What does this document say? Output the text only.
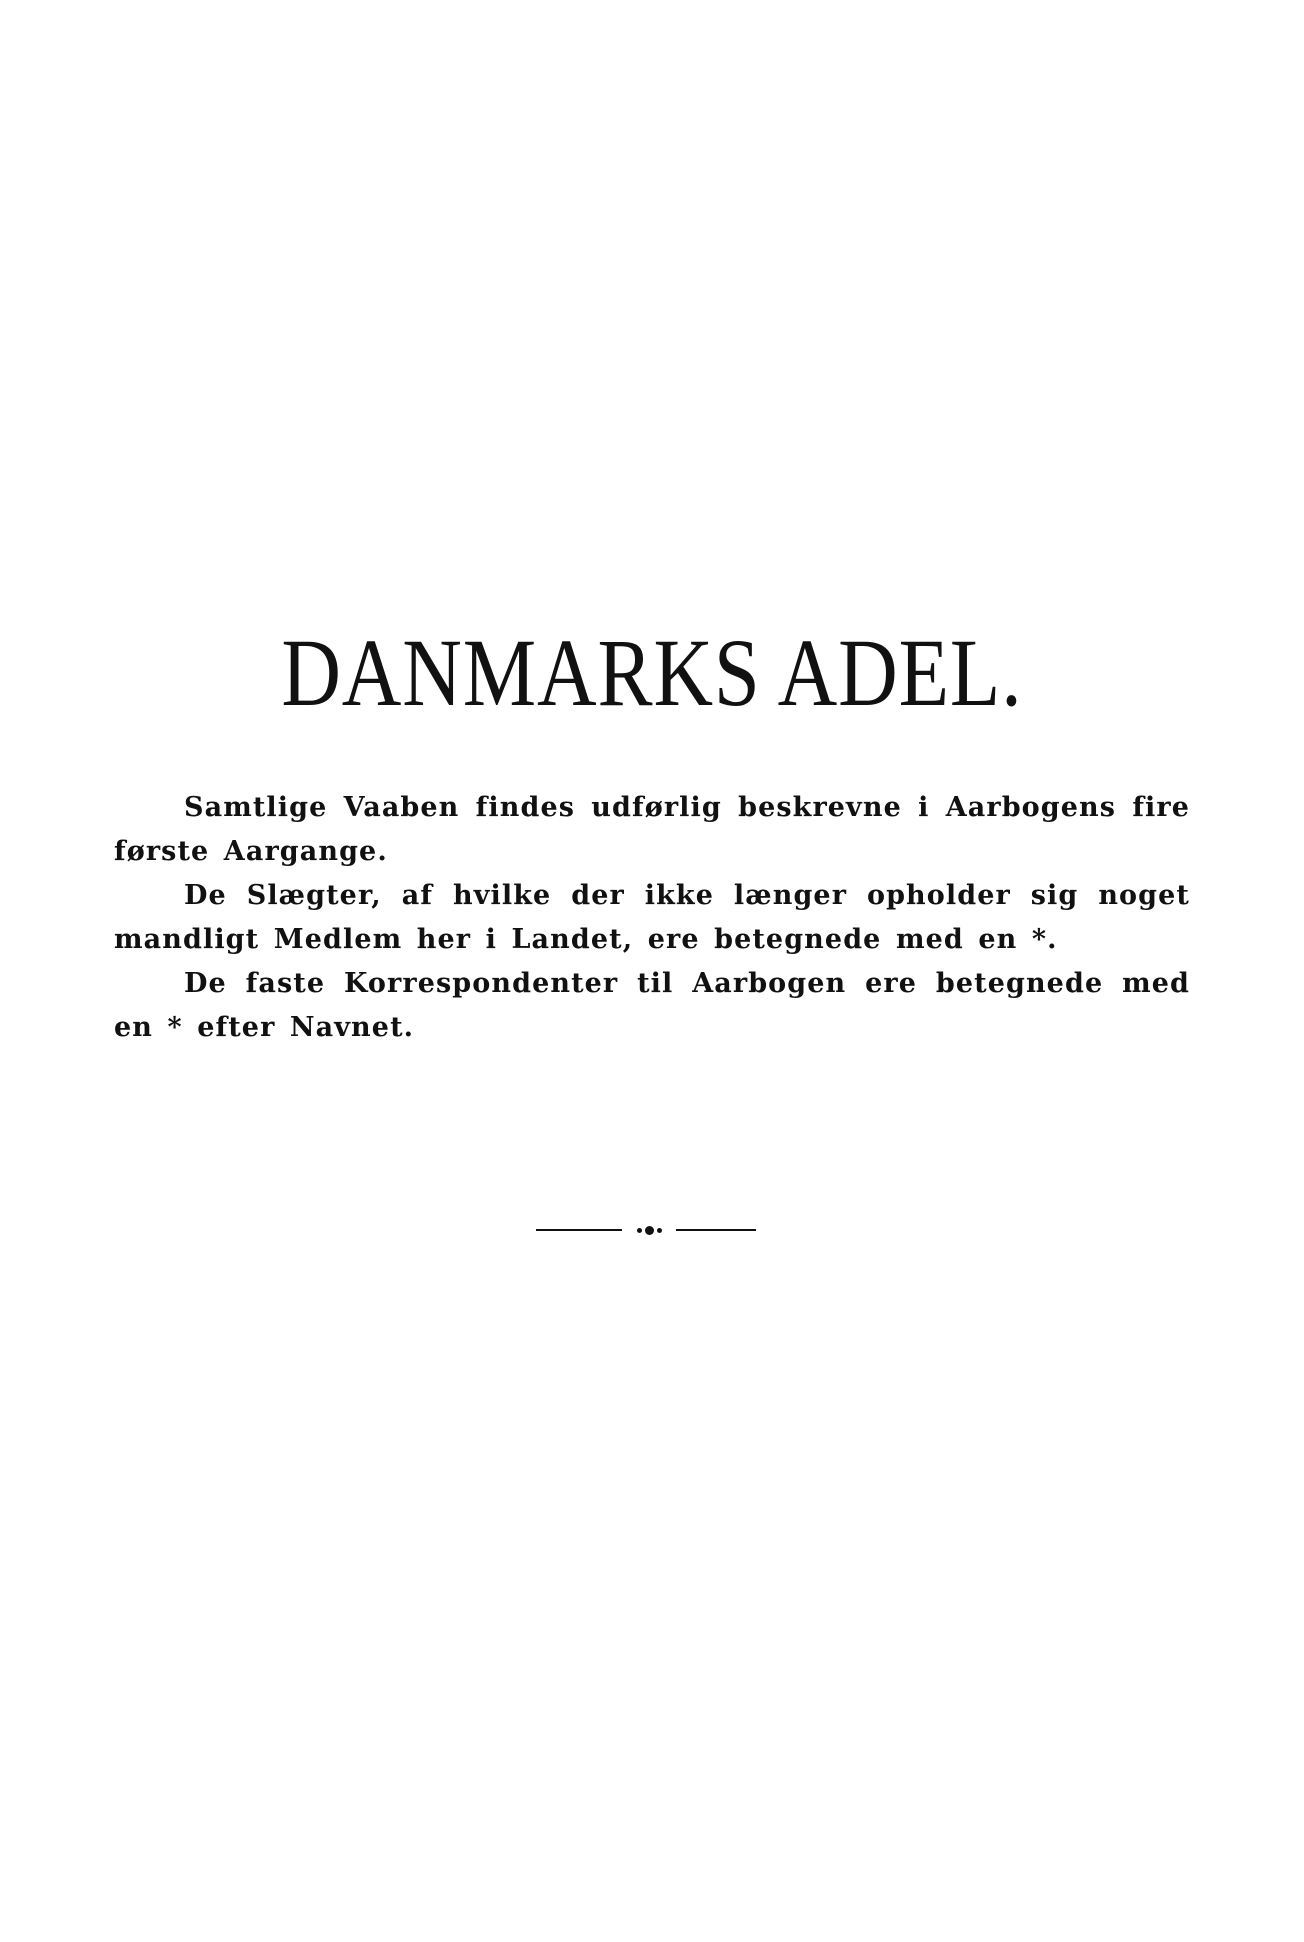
DANMARKS ADEL.

Samtlige Vaaben findes udførlig beskrevne i Aarbogens fire første Aargange.

De Slægter, af hvilke der ikke længer opholder sig noget mandligt Medlem her i Landet, ere betegnede med en *.

De faste Korrespondenter til Aarbogen ere betegnede med en * efter Navnet.
